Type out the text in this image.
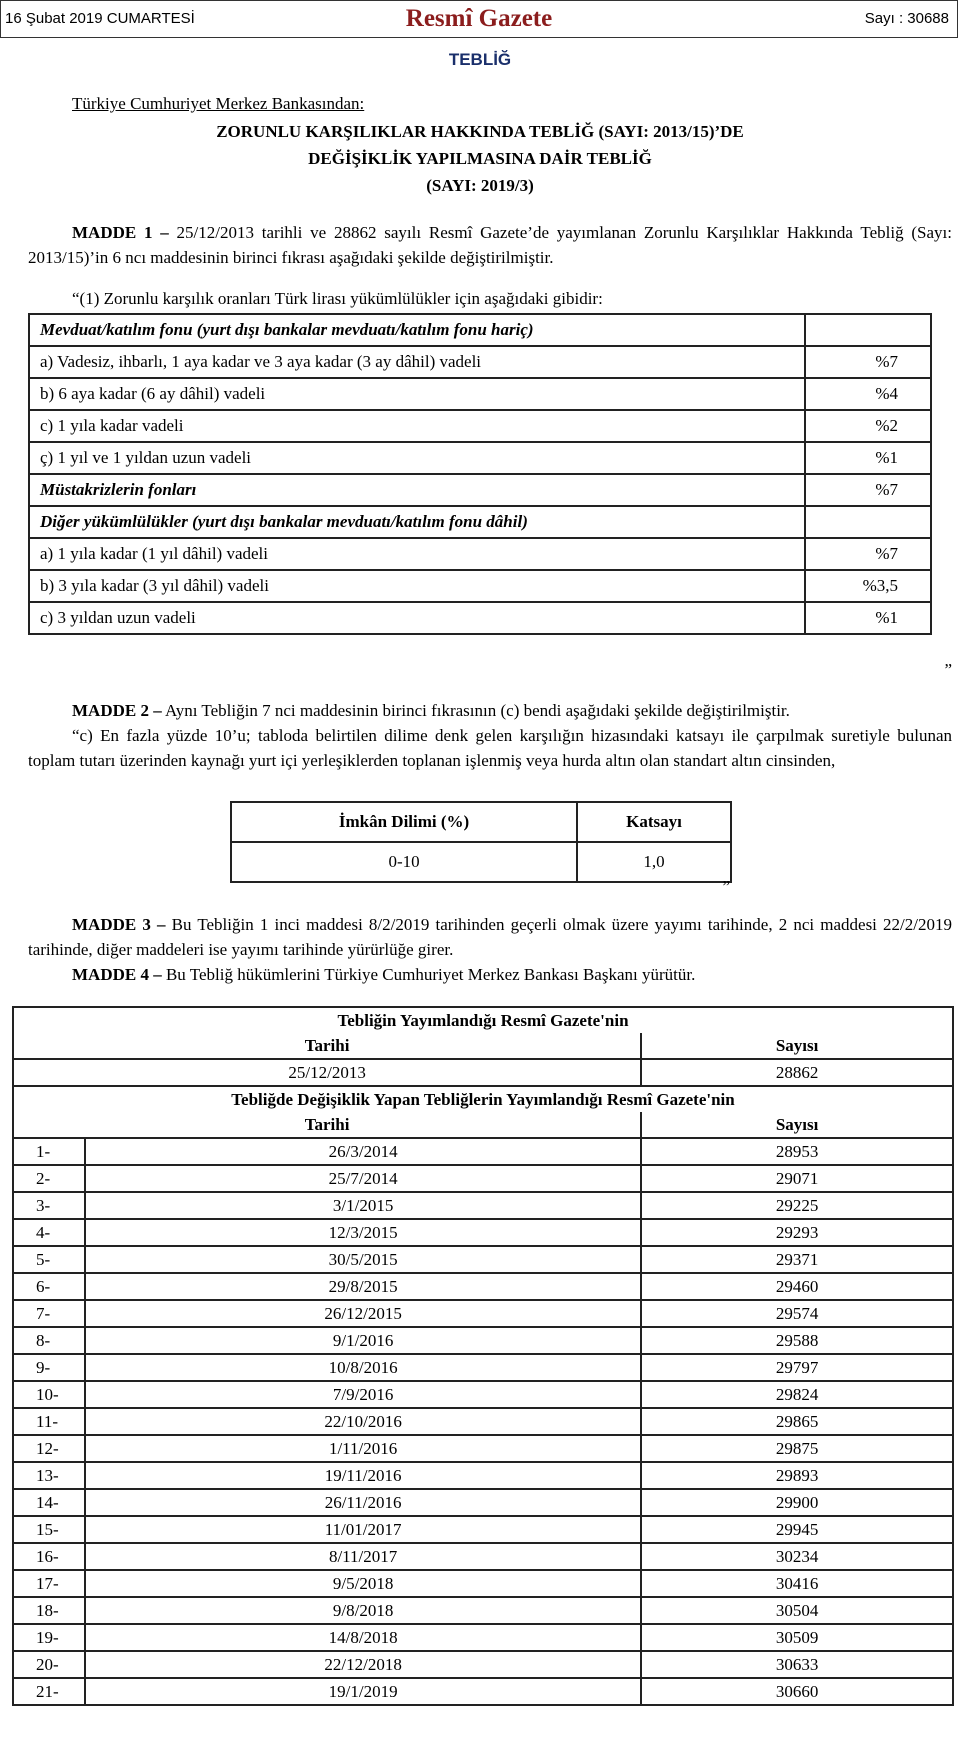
16 Şubat 2019 CUMARTESİ	Resmî Gazete	Sayı : 30688
TEBLİĞ
Türkiye Cumhuriyet Merkez Bankasından:
ZORUNLU KARŞILIKLAR HAKKINDA TEBLİĞ (SAYI: 2013/15)’DE
DEĞİŞİKLİK YAPILMASINA DAİR TEBLİĞ
(SAYI: 2019/3)
MADDE 1 – 25/12/2013 tarihli ve 28862 sayılı Resmî Gazete’de yayımlanan Zorunlu Karşılıklar Hakkında Tebliğ (Sayı: 2013/15)’in 6 ncı maddesinin birinci fıkrası aşağıdaki şekilde değiştirilmiştir.
“(1) Zorunlu karşılık oranları Türk lirası yükümlülükler için aşağıdaki gibidir:
Mevduat/katılım fonu (yurt dışı bankalar mevduatı/katılım fonu hariç)	
a) Vadesiz, ihbarlı, 1 aya kadar ve 3 aya kadar (3 ay dâhil) vadeli	%7
b) 6 aya kadar (6 ay dâhil) vadeli	%4
c) 1 yıla kadar vadeli	%2
ç) 1 yıl ve 1 yıldan uzun vadeli	%1
Müstakrizlerin fonları	%7
Diğer yükümlülükler (yurt dışı bankalar mevduatı/katılım fonu dâhil)	
a) 1 yıla kadar (1 yıl dâhil) vadeli	%7
b) 3 yıla kadar (3 yıl dâhil) vadeli	%3,5
c) 3 yıldan uzun vadeli	%1
”
MADDE 2 – Aynı Tebliğin 7 nci maddesinin birinci fıkrasının (c) bendi aşağıdaki şekilde değiştirilmiştir.
“c) En fazla yüzde 10’u; tabloda belirtilen dilime denk gelen karşılığın hizasındaki katsayı ile çarpılmak suretiyle bulunan toplam tutarı üzerinden kaynağı yurt içi yerleşiklerden toplanan işlenmiş veya hurda altın olan standart altın cinsinden,
İmkân Dilimi (%)	Katsayı
0-10	1,0
”
MADDE 3 – Bu Tebliğin 1 inci maddesi 8/2/2019 tarihinden geçerli olmak üzere yayımı tarihinde, 2 nci maddesi 22/2/2019 tarihinde, diğer maddeleri ise yayımı tarihinde yürürlüğe girer.
MADDE 4 – Bu Tebliğ hükümlerini Türkiye Cumhuriyet Merkez Bankası Başkanı yürütür.
Tebliğin Yayımlandığı Resmî Gazete'nin		
Tarihi		Sayısı
25/12/2013		28862
Tebliğde Değişiklik Yapan Tebliğlerin Yayımlandığı Resmî Gazete'nin		
Tarihi		Sayısı
1-	26/3/2014	28953
2-	25/7/2014	29071
3-	3/1/2015	29225
4-	12/3/2015	29293
5-	30/5/2015	29371
6-	29/8/2015	29460
7-	26/12/2015	29574
8-	9/1/2016	29588
9-	10/8/2016	29797
10-	7/9/2016	29824
11-	22/10/2016	29865
12-	1/11/2016	29875
13-	19/11/2016	29893
14-	26/11/2016	29900
15-	11/01/2017	29945
16-	8/11/2017	30234
17-	9/5/2018	30416
18-	9/8/2018	30504
19-	14/8/2018	30509
20-	22/12/2018	30633
21-	19/1/2019	30660
